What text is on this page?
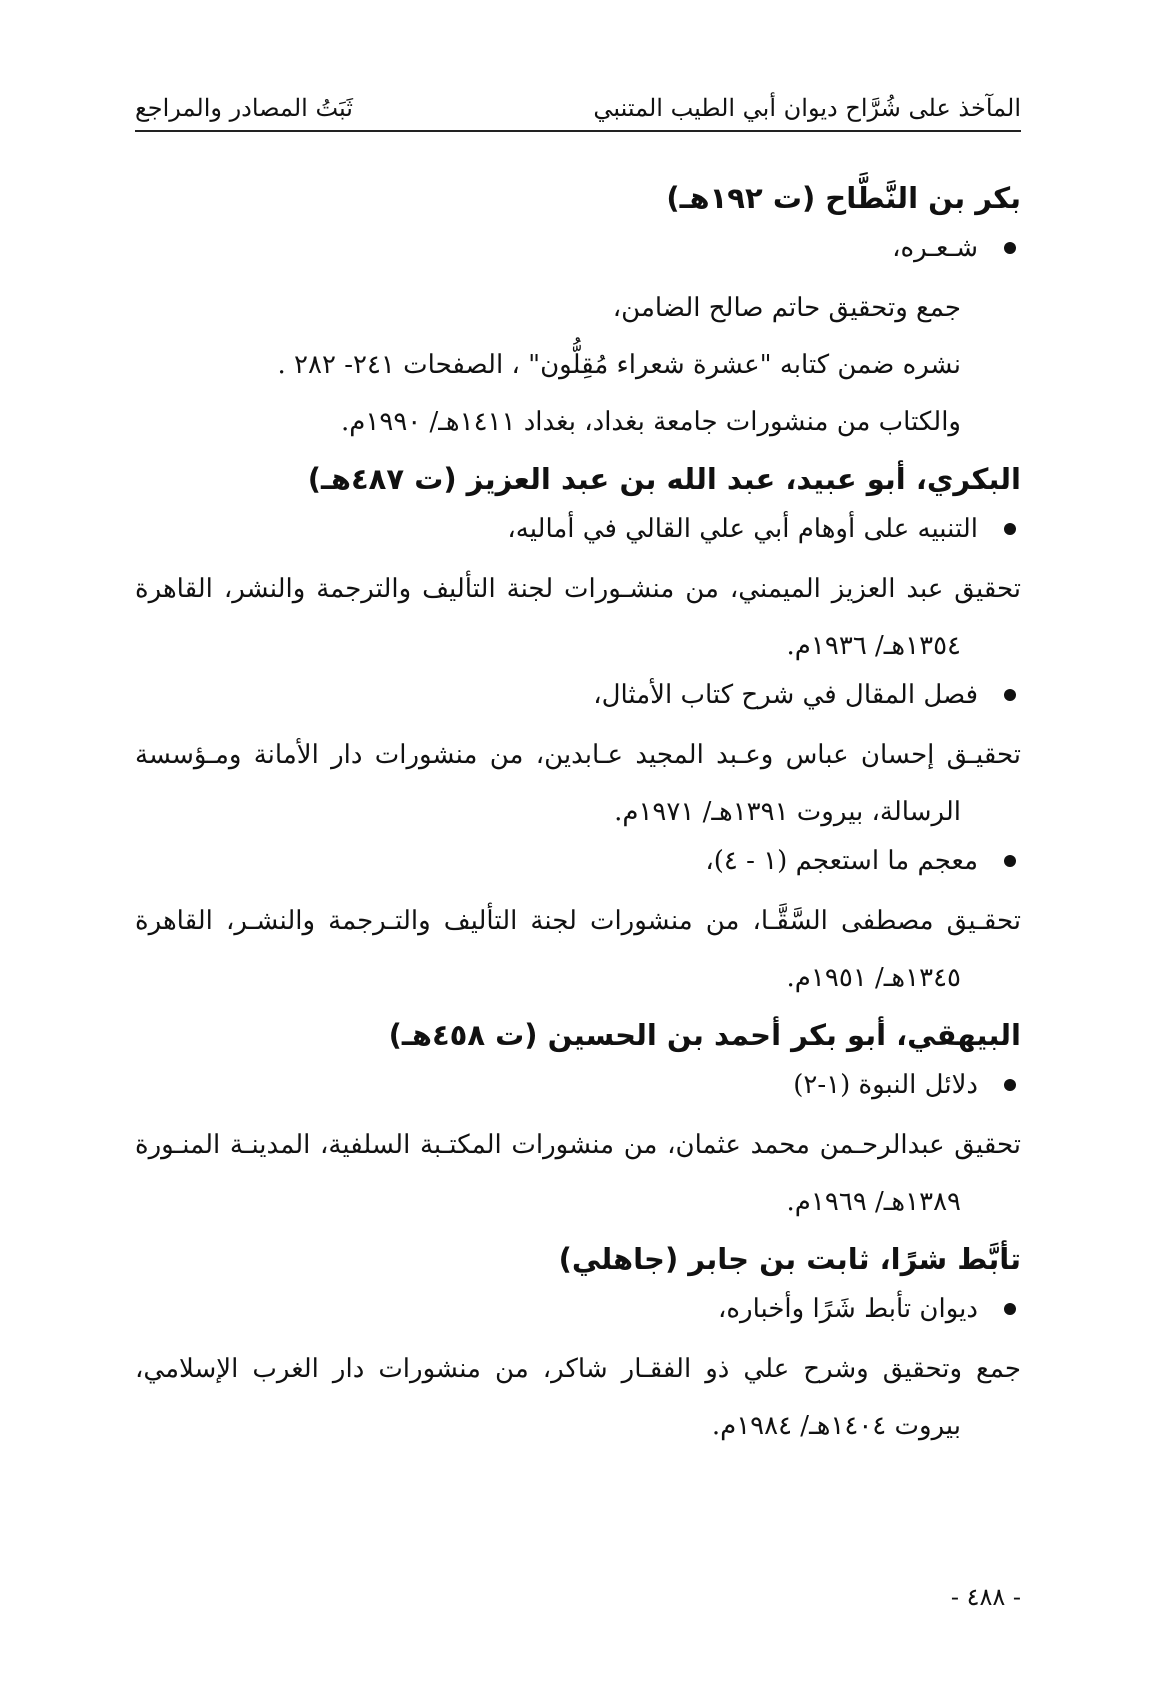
المآخذ على شُرَّاح ديوان أبي الطيب المتنبي
ثَبَتُ المصادر والمراجع
بكر بن النَّطَّاح (ت ١٩٢هـ)
شـعـره،
جمع وتحقيق حاتم صالح الضامن،
نشره ضمن كتابه "عشرة شعراء مُقِلُّون" ، الصفحات ٢٤١- ٢٨٢ .
والكتاب من منشورات جامعة بغداد، بغداد ١٤١١هـ/ ١٩٩٠م.
البكري، أبو عبيد، عبد الله بن عبد العزيز (ت ٤٨٧هـ)
التنبيه على أوهام أبي علي القالي في أماليه،
تحقيق عبد العزيز الميمني، من منشـورات لجنة التأليف والترجمة والنشر، القاهرة
١٣٥٤هـ/ ١٩٣٦م.
فصل المقال في شرح كتاب الأمثال،
تحقيـق إحسان عباس وعـبد المجيد عـابدين، من منشورات دار الأمانة ومـؤسسة
الرسالة، بيروت ١٣٩١هـ/ ١٩٧١م.
معجم ما استعجم (١ - ٤)،
تحقـيق مصطفى السَّقَّـا، من منشورات لجنة التأليف والتـرجمة والنشـر، القاهرة
١٣٤٥هـ/ ١٩٥١م.
البيهقي، أبو بكر أحمد بن الحسين (ت ٤٥٨هـ)
دلائل النبوة (١-٢)
تحقيق عبدالرحـمن محمد عثمان، من منشورات المكتـبة السلفية، المدينـة المنـورة
١٣٨٩هـ/ ١٩٦٩م.
تأبَّط شرًا، ثابت بن جابر (جاهلي)
ديوان تأبط شَرًا وأخباره،
جمع وتحقيق وشرح علي ذو الفقـار شاكر، من منشورات دار الغرب الإسلامي،
بيروت ١٤٠٤هـ/ ١٩٨٤م.
- ٤٨٨ -
